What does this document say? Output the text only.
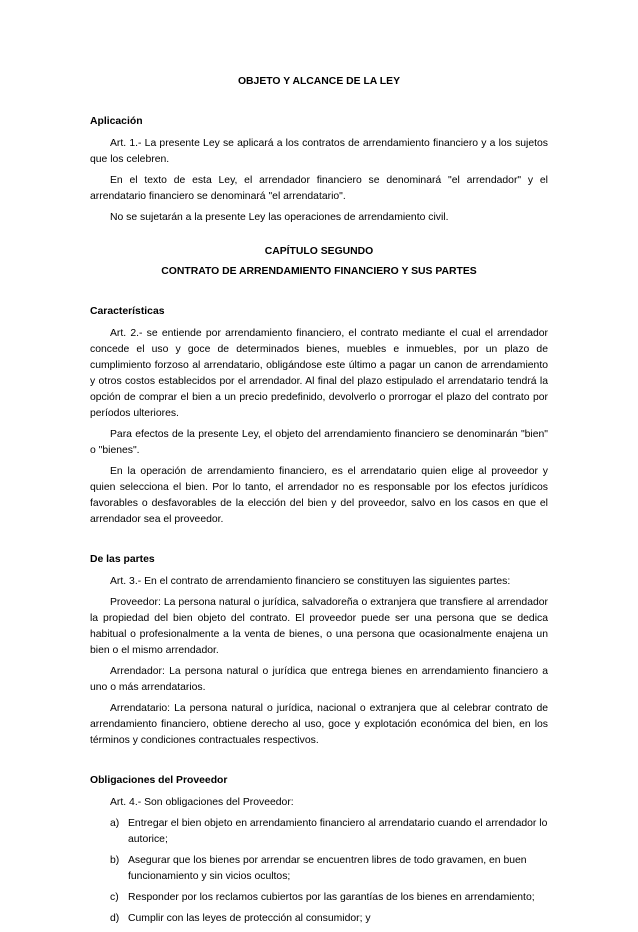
OBJETO Y ALCANCE DE LA LEY
Aplicación

Art. 1.- La presente Ley se aplicará a los contratos de arrendamiento financiero y a los sujetos que los celebren.

En el texto de esta Ley, el arrendador financiero se denominará "el arrendador" y el arrendatario financiero se denominará "el arrendatario".

No se sujetarán a la presente Ley las operaciones de arrendamiento civil.

CAPÍTULO SEGUNDO
CONTRATO DE ARRENDAMIENTO FINANCIERO Y SUS PARTES
Características

Art. 2.- se entiende por arrendamiento financiero, el contrato mediante el cual el arrendador concede el uso y goce de determinados bienes, muebles e inmuebles, por un plazo de cumplimiento forzoso al arrendatario, obligándose este último a pagar un canon de arrendamiento y otros costos establecidos por el arrendador. Al final del plazo estipulado el arrendatario tendrá la opción de comprar el bien a un precio predefinido, devolverlo o prorrogar el plazo del contrato por períodos ulteriores.

Para efectos de la presente Ley, el objeto del arrendamiento financiero se denominarán "bien" o "bienes".

En la operación de arrendamiento financiero, es el arrendatario quien elige al proveedor y quien selecciona el bien. Por lo tanto, el arrendador no es responsable por los efectos jurídicos favorables o desfavorables de la elección del bien y del proveedor, salvo en los casos en que el arrendador sea el proveedor.

De las partes

Art. 3.- En el contrato de arrendamiento financiero se constituyen las siguientes partes:

Proveedor: La persona natural o jurídica, salvadoreña o extranjera que transfiere al arrendador la propiedad del bien objeto del contrato. El proveedor puede ser una persona que se dedica habitual o profesionalmente a la venta de bienes, o una persona que ocasionalmente enajena un bien o el mismo arrendador.

Arrendador: La persona natural o jurídica que entrega bienes en arrendamiento financiero a uno o más arrendatarios.

Arrendatario: La persona natural o jurídica, nacional o extranjera que al celebrar contrato de arrendamiento financiero, obtiene derecho al uso, goce y explotación económica del bien, en los términos y condiciones contractuales respectivos.

Obligaciones del Proveedor

Art. 4.- Son obligaciones del Proveedor:

a) Entregar el bien objeto en arrendamiento financiero al arrendatario cuando el arrendador lo autorice;
b) Asegurar que los bienes por arrendar se encuentren libres de todo gravamen, en buen funcionamiento y sin vicios ocultos;
c) Responder por los reclamos cubiertos por las garantías de los bienes en arrendamiento;
d) Cumplir con las leyes de protección al consumidor; y
